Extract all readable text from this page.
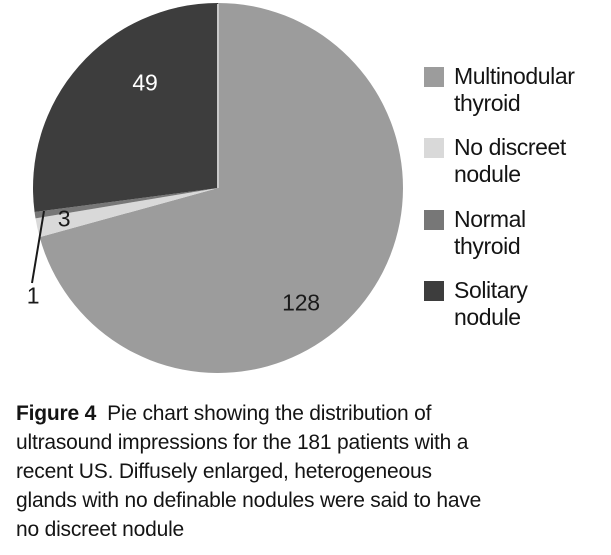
128
3
1
49	Multinodular
thyroid
No discreet
nodule
Normal
thyroid
Solitary
nodule
Figure 4 Pie chart showing the distribution of
ultrasound impressions for the 181 patients with a
recent US. Diffusely enlarged, heterogeneous
glands with no definable nodules were said to have
no discreet nodule
